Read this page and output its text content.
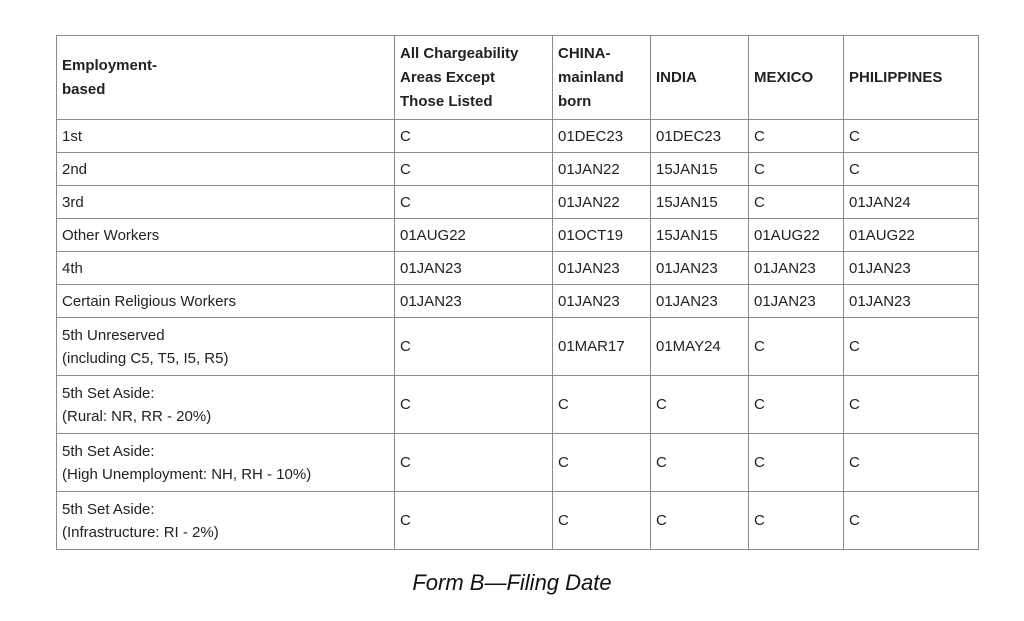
Employment-
based	All Chargeability
Areas Except
Those Listed	CHINA-
mainland
born	INDIA	MEXICO	PHILIPPINES

1st	C	01DEC23	01DEC23	C	C

2nd	C	01JAN22	15JAN15	C	C

3rd	C	01JAN22	15JAN15	C	01JAN24

Other Workers	01AUG22	01OCT19	15JAN15	01AUG22	01AUG22

4th	01JAN23	01JAN23	01JAN23	01JAN23	01JAN23

Certain Religious Workers	01JAN23	01JAN23	01JAN23	01JAN23	01JAN23

5th Unreserved
(including C5, T5, I5, R5)	C	01MAR17	01MAY24	C	C

5th Set Aside:
(Rural: NR, RR - 20%)	C	C	C	C	C

5th Set Aside:
(High Unemployment: NH, RH - 10%)	C	C	C	C	C

5th Set Aside:
(Infrastructure: RI - 2%)	C	C	C	C	C
Form B—Filing Date
